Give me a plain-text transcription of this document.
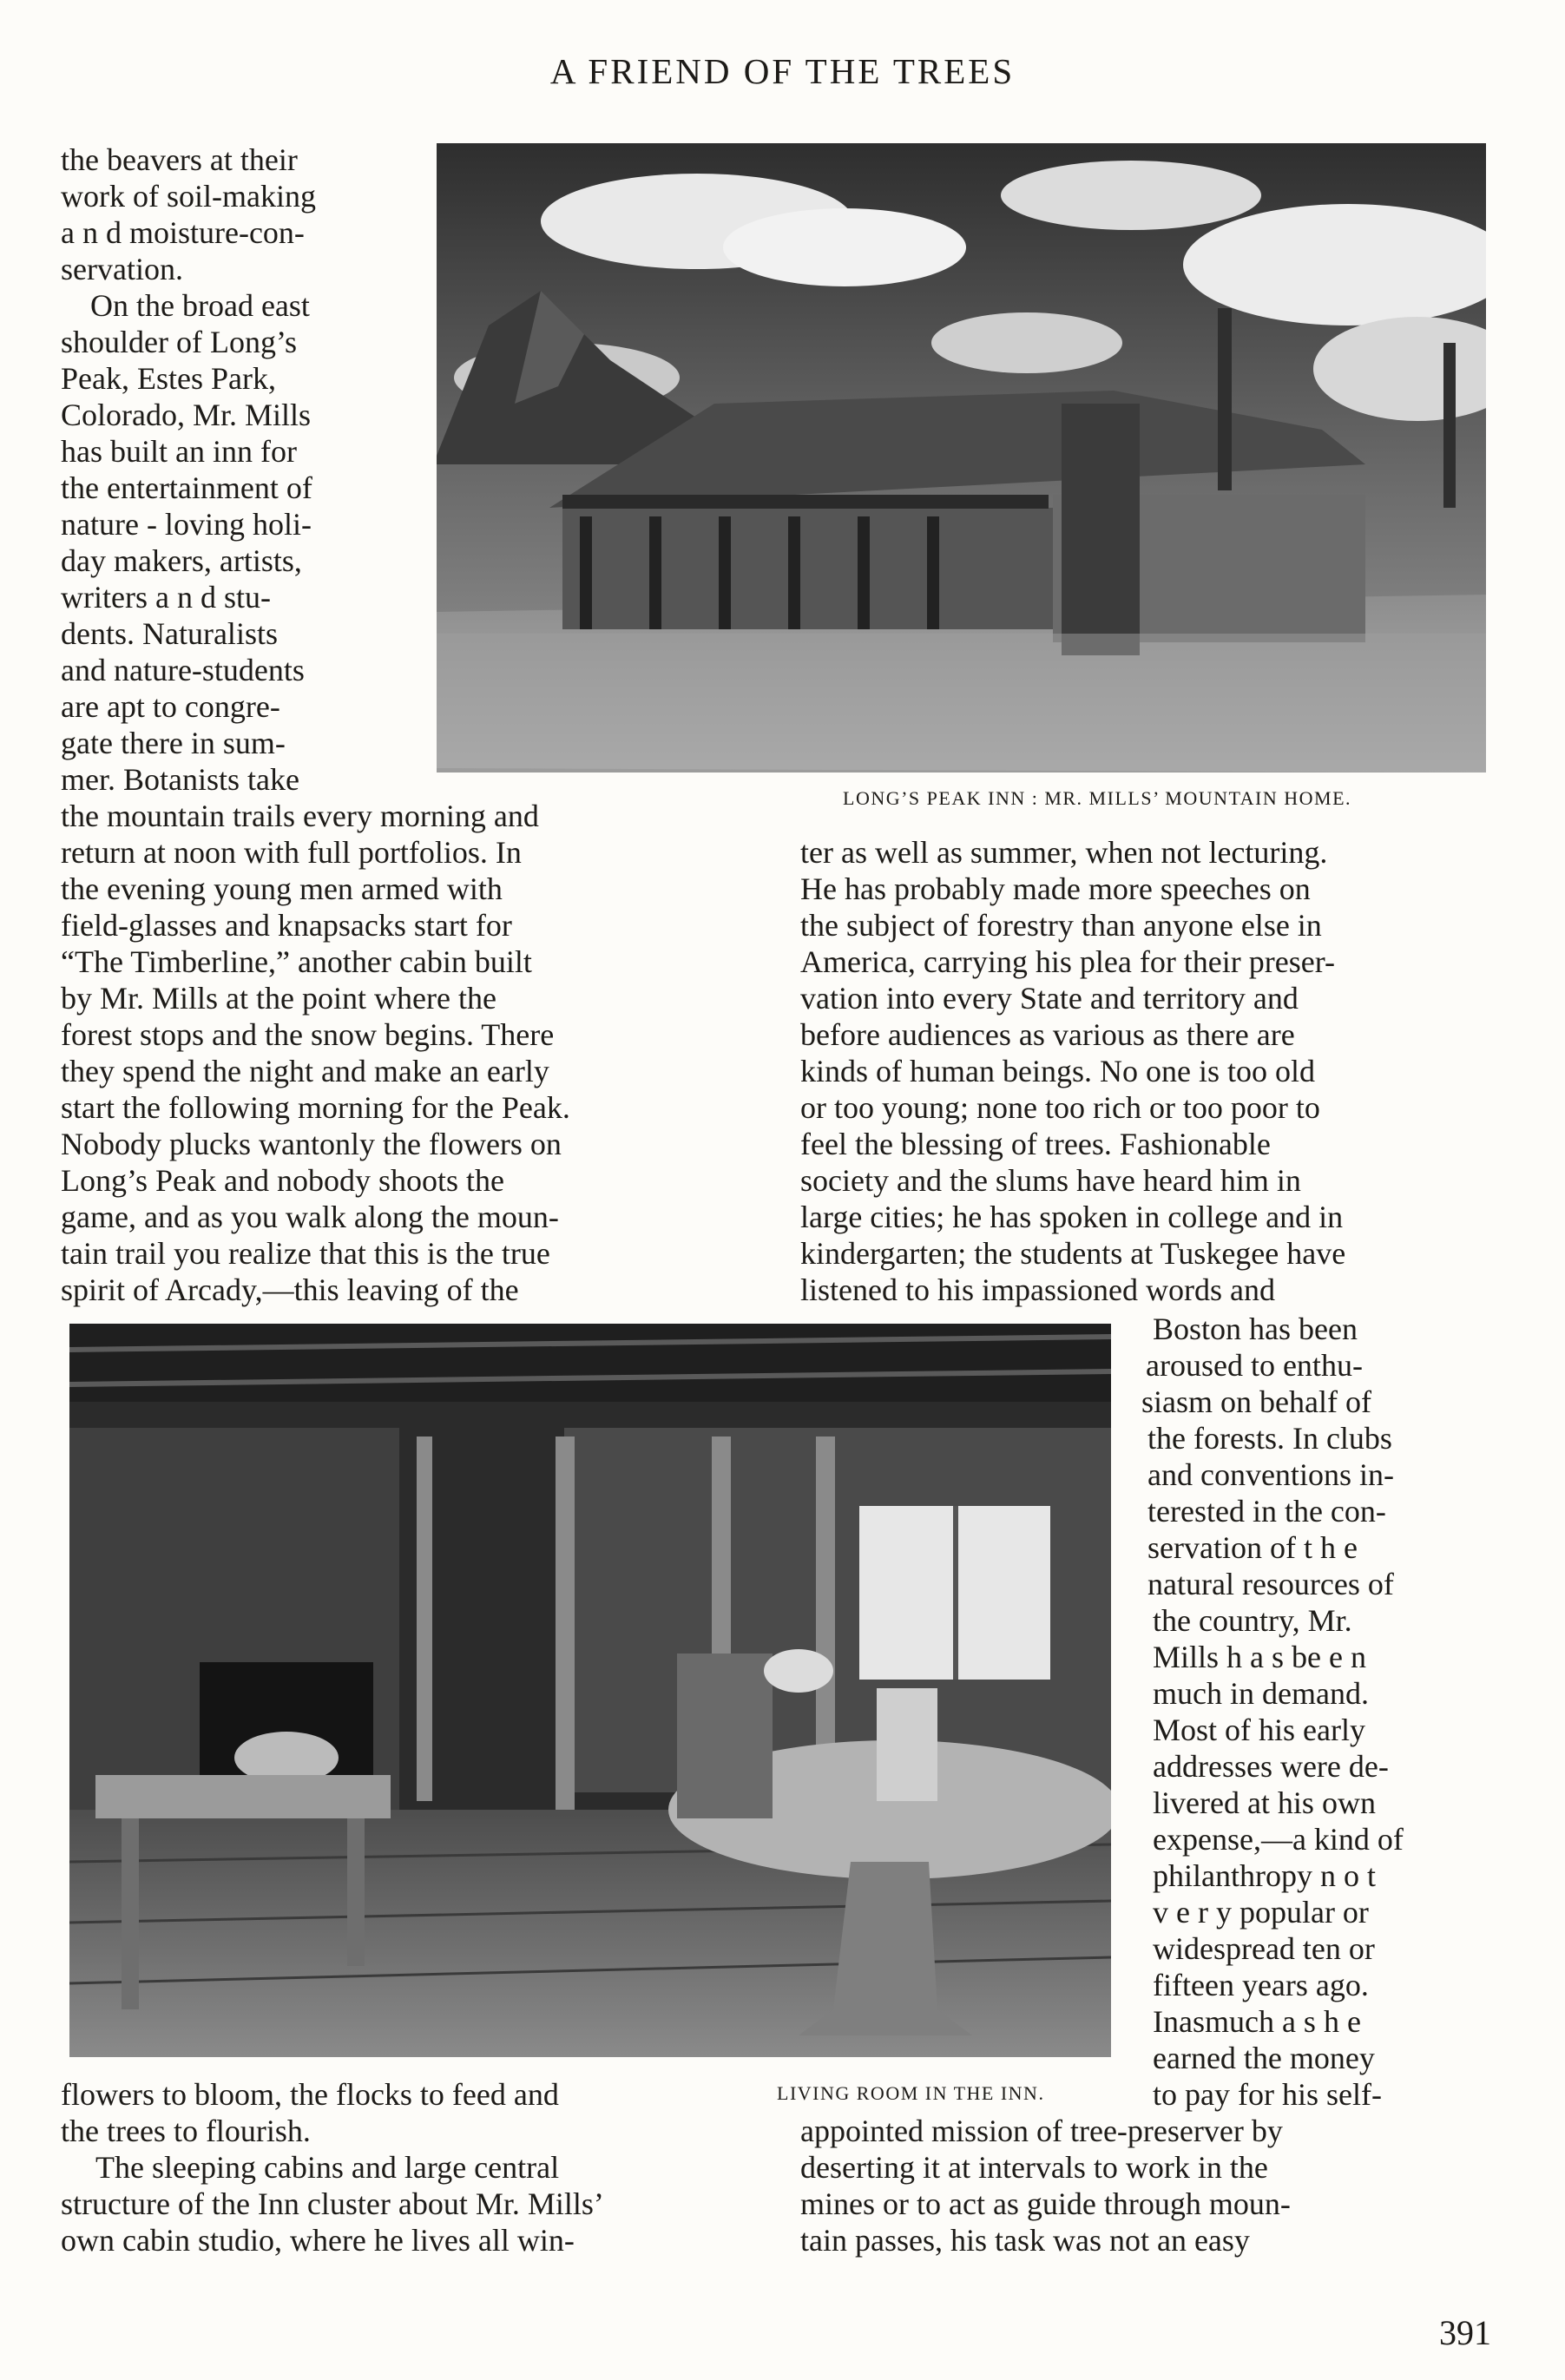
A FRIEND OF THE TREES
LONG’S PEAK INN : MR. MILLS’ MOUNTAIN HOME.
the beavers at their
work of soil-making
a n d moisture-con-
servation.
On the broad east
shoulder of Long’s
Peak, Estes Park,
Colorado, Mr. Mills
has built an inn for
the entertainment of
nature - loving holi-
day makers, artists,
writers a n d stu-
dents. Naturalists
and nature-students
are apt to congre-
gate there in sum-
mer. Botanists take
the mountain trails every morning and
return at noon with full portfolios. In
the evening young men armed with
field-glasses and knapsacks start for
“The Timberline,” another cabin built
by Mr. Mills at the point where the
forest stops and the snow begins. There
they spend the night and make an early
start the following morning for the Peak.
Nobody plucks wantonly the flowers on
Long’s Peak and nobody shoots the
game, and as you walk along the moun-
tain trail you realize that this is the true
spirit of Arcady,—this leaving of the
ter as well as summer, when not lecturing.
He has probably made more speeches on
the subject of forestry than anyone else in
America, carrying his plea for their preser-
vation into every State and territory and
before audiences as various as there are
kinds of human beings. No one is too old
or too young; none too rich or too poor to
feel the blessing of trees. Fashionable
society and the slums have heard him in
large cities; he has spoken in college and in
kindergarten; the students at Tuskegee have
listened to his impassioned words and
LIVING ROOM IN THE INN.
Boston has been
aroused to enthu-
siasm on behalf of
the forests. In clubs
and conventions in-
terested in the con-
servation of t h e
natural resources of
the country, Mr.
Mills h a s be e n
much in demand.
Most of his early
addresses were de-
livered at his own
expense,—a kind of
philanthropy n o t
v e r y popular or
widespread ten or
fifteen years ago.
Inasmuch a s h e
earned the money
flowers to bloom, the flocks to feed and
the trees to flourish.
The sleeping cabins and large central
structure of the Inn cluster about Mr. Mills’
own cabin studio, where he lives all win-
to pay for his self-
appointed mission of tree-preserver by
deserting it at intervals to work in the
mines or to act as guide through moun-
tain passes, his task was not an easy
391
